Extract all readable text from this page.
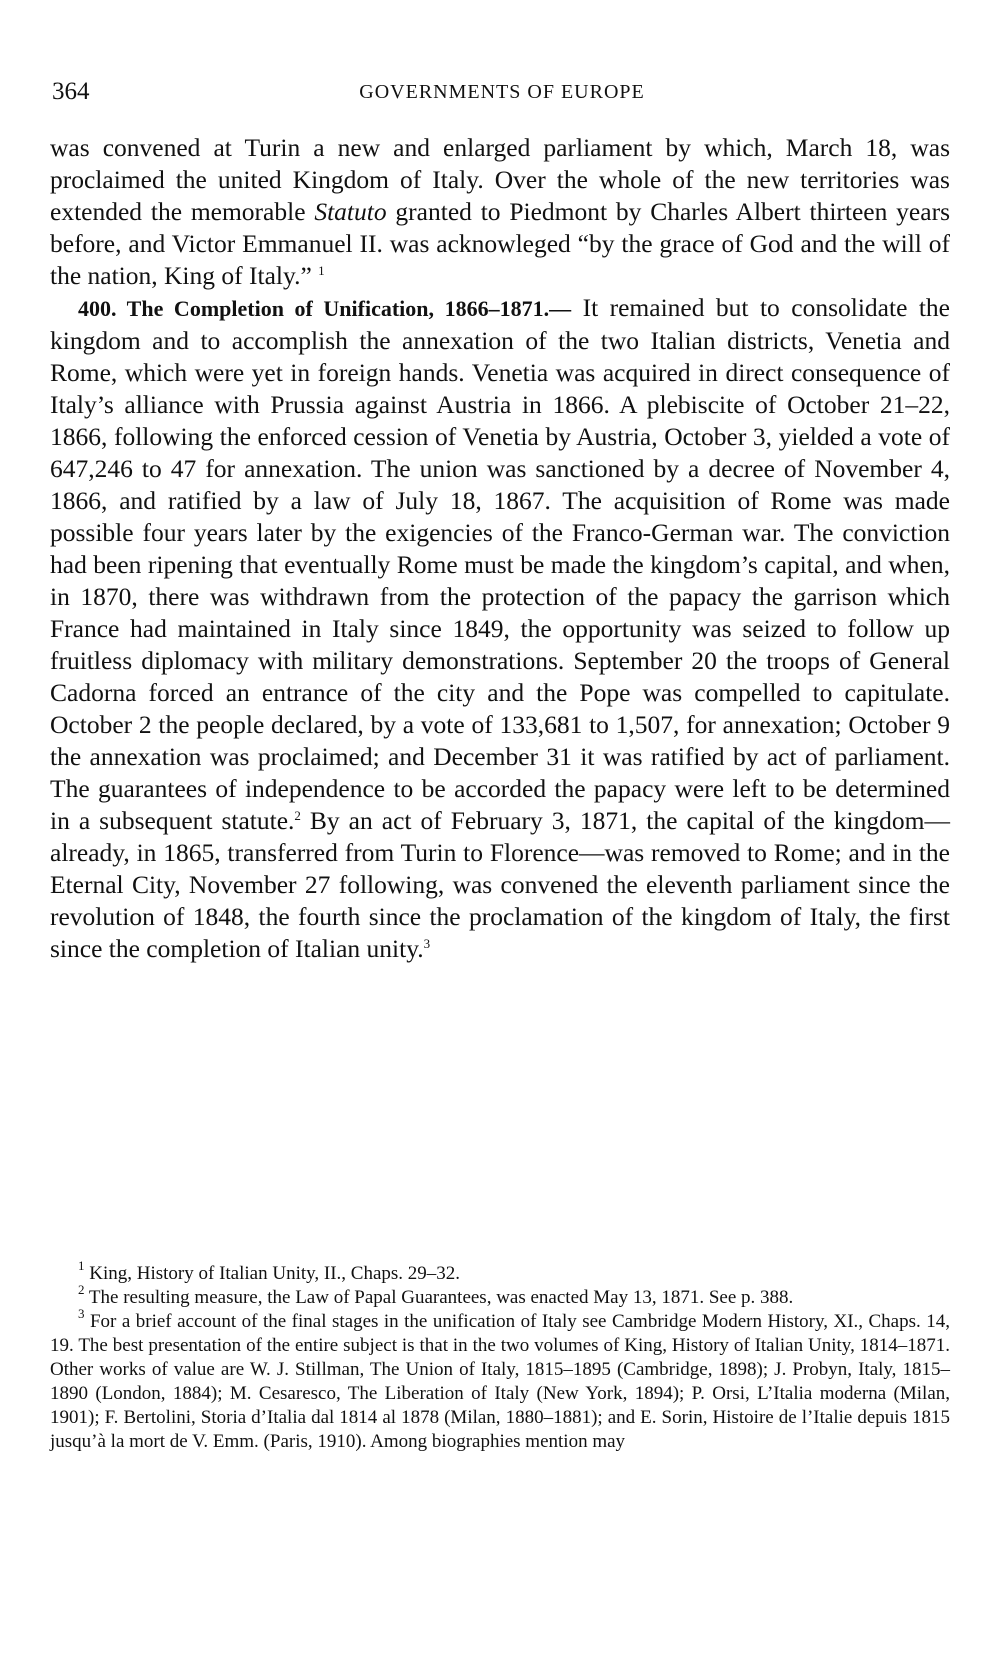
364	GOVERNMENTS OF EUROPE

was convened at Turin a new and enlarged parliament by which, March 18, was proclaimed the united Kingdom of Italy. Over the whole of the new territories was extended the memorable Statuto granted to Piedmont by Charles Albert thirteen years before, and Victor Emmanuel II. was acknowleged “by the grace of God and the will of the nation, King of Italy.” $^1$

400. The Completion of Unification, 1866–1871.— It remained but to consolidate the kingdom and to accomplish the annexation of the two Italian districts, Venetia and Rome, which were yet in foreign hands. Venetia was acquired in direct consequence of Italy’s alliance with Prussia against Austria in 1866. A plebiscite of October 21–22, 1866, following the enforced cession of Venetia by Austria, October 3, yielded a vote of 647,246 to 47 for annexation. The union was sanctioned by a decree of November 4, 1866, and ratified by a law of July 18, 1867. The acquisition of Rome was made possible four years later by the exigencies of the Franco-German war. The conviction had been ripening that eventually Rome must be made the kingdom’s capital, and when, in 1870, there was withdrawn from the protection of the papacy the garrison which France had maintained in Italy since 1849, the opportunity was seized to follow up fruitless diplomacy with military demonstrations. September 20 the troops of General Cadorna forced an entrance of the city and the Pope was compelled to capitulate. October 2 the people declared, by a vote of 133,681 to 1,507, for annexation; October 9 the annexation was proclaimed; and December 31 it was ratified by act of parliament. The guarantees of independence to be accorded the papacy were left to be determined in a subsequent statute.$^2$ By an act of February 3, 1871, the capital of the kingdom—already, in 1865, transferred from Turin to Florence—was removed to Rome; and in the Eternal City, November 27 following, was convened the eleventh parliament since the revolution of 1848, the fourth since the proclamation of the kingdom of Italy, the first since the completion of Italian unity.$^3$

$^1$ King, History of Italian Unity, II., Chaps. 29–32.

$^2$ The resulting measure, the Law of Papal Guarantees, was enacted May 13, 1871. See p. 388.

$^3$ For a brief account of the final stages in the unification of Italy see Cambridge Modern History, XI., Chaps. 14, 19. The best presentation of the entire subject is that in the two volumes of King, History of Italian Unity, 1814–1871. Other works of value are W. J. Stillman, The Union of Italy, 1815–1895 (Cambridge, 1898); J. Probyn, Italy, 1815–1890 (London, 1884); M. Cesaresco, The Liberation of Italy (New York, 1894); P. Orsi, L’Italia moderna (Milan, 1901); F. Bertolini, Storia d’Italia dal 1814 al 1878 (Milan, 1880–1881); and E. Sorin, Histoire de l’Italie depuis 1815 jusqu’à la mort de V. Emm. (Paris, 1910). Among biographies mention may
